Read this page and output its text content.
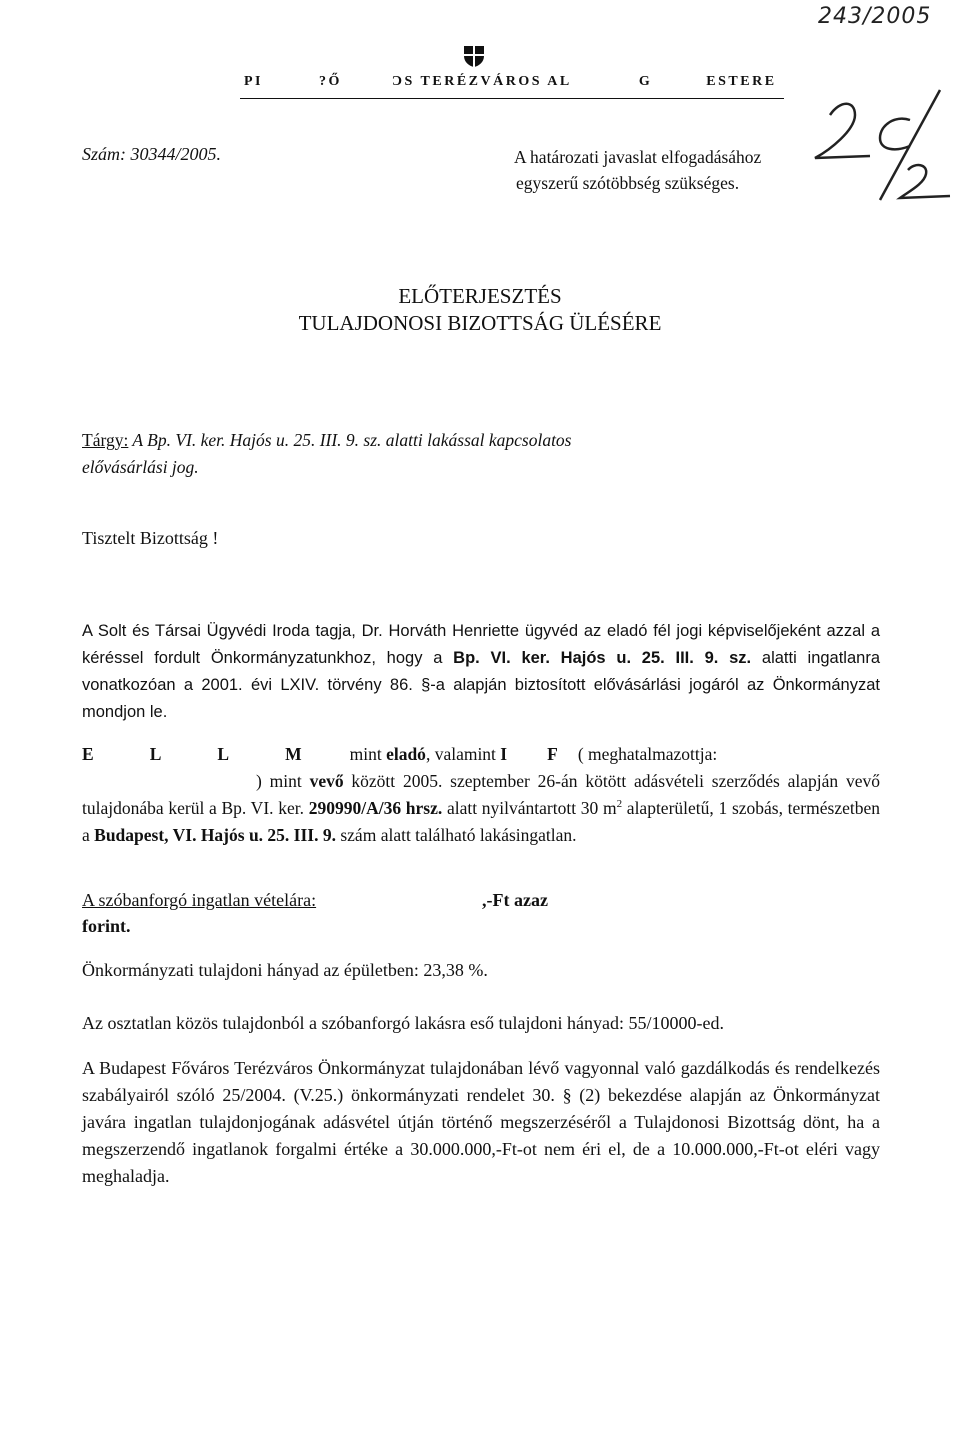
243/2005
PI	?Ő	ƆS TERÉZVÁROS AL	G	ESTERE
Szám: 30344/2005.	A határozati javaslat elfogadásához
egyszerű szótöbbség szükséges.
ELŐTERJESZTÉS
TULAJDONOSI BIZOTTSÁG ÜLÉSÉRE
Tárgy: A Bp. VI. ker. Hajós u. 25. III. 9. sz. alatti lakással kapcsolatos
elővásárlási jog.
Tisztelt Bizottság !
A Solt és Társai Ügyvédi Iroda tagja, Dr. Horváth Henriette ügyvéd az eladó fél jogi képviselőjeként azzal a kéréssel fordult Önkormányzatunkhoz, hogy a Bp. VI. ker. Hajós u. 25. III. 9. sz. alatti ingatlanra vonatkozóan a 2001. évi LXIV. törvény 86. §-a alapján biztosított elővásárlási jogáról az Önkormányzat mondjon le.
E	L	L	M	mint eladó, valamint I F ( meghatalmazottja:
) mint vevő között 2005. szeptember 26-án kötött adásvételi szerződés alapján vevő tulajdonába kerül a Bp. VI. ker. 290990/A/36 hrsz. alatt nyilvántartott 30 $m^2$ alapterületű, 1 szobás, természetben a Budapest, VI. Hajós u. 25. III. 9. szám alatt található lakásingatlan.
A szóbanforgó ingatlan vételára:	,-Ft azaz
forint.
Önkormányzati tulajdoni hányad az épületben: 23,38 %.
Az osztatlan közös tulajdonból a szóbanforgó lakásra eső tulajdoni hányad: 55/10000-ed.
A Budapest Főváros Terézváros Önkormányzat tulajdonában lévő vagyonnal való gazdálkodás és rendelkezés szabályairól szóló 25/2004. (V.25.) önkormányzati rendelet 30. § (2) bekezdése alapján az Önkormányzat javára ingatlan tulajdonjogának adásvétel útján történő megszerzéséről a Tulajdonosi Bizottság dönt, ha a megszerzendő ingatlanok forgalmi értéke a 30.000.000,-Ft-ot nem éri el, de a 10.000.000,-Ft-ot eléri vagy meghaladja.
